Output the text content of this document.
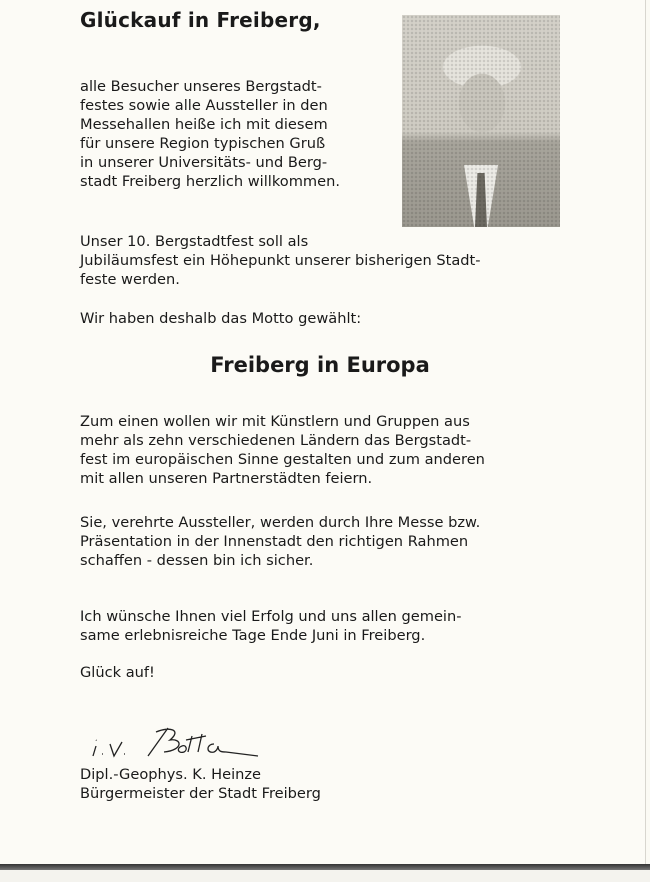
Glückauf in Freiberg,
alle Besucher unseres Bergstadt-
festes sowie alle Aussteller in den
Messehallen heiße ich mit diesem
für unsere Region typischen Gruß
in unserer Universitäts- und Berg-
stadt Freiberg herzlich willkommen.
Unser 10. Bergstadtfest soll als
Jubiläumsfest ein Höhepunkt unserer bisherigen Stadt-
feste werden.
Wir haben deshalb das Motto gewählt:
Freiberg in Europa
Zum einen wollen wir mit Künstlern und Gruppen aus
mehr als zehn verschiedenen Ländern das Bergstadt-
fest im europäischen Sinne gestalten und zum anderen
mit allen unseren Partnerstädten feiern.
Sie, verehrte Aussteller, werden durch Ihre Messe bzw.
Präsentation in der Innenstadt den richtigen Rahmen
schaffen - dessen bin ich sicher.
Ich wünsche Ihnen viel Erfolg und uns allen gemein-
same erlebnisreiche Tage Ende Juni in Freiberg.
Glück auf!
Dipl.-Geophys. K. Heinze
Bürgermeister der Stadt Freiberg
